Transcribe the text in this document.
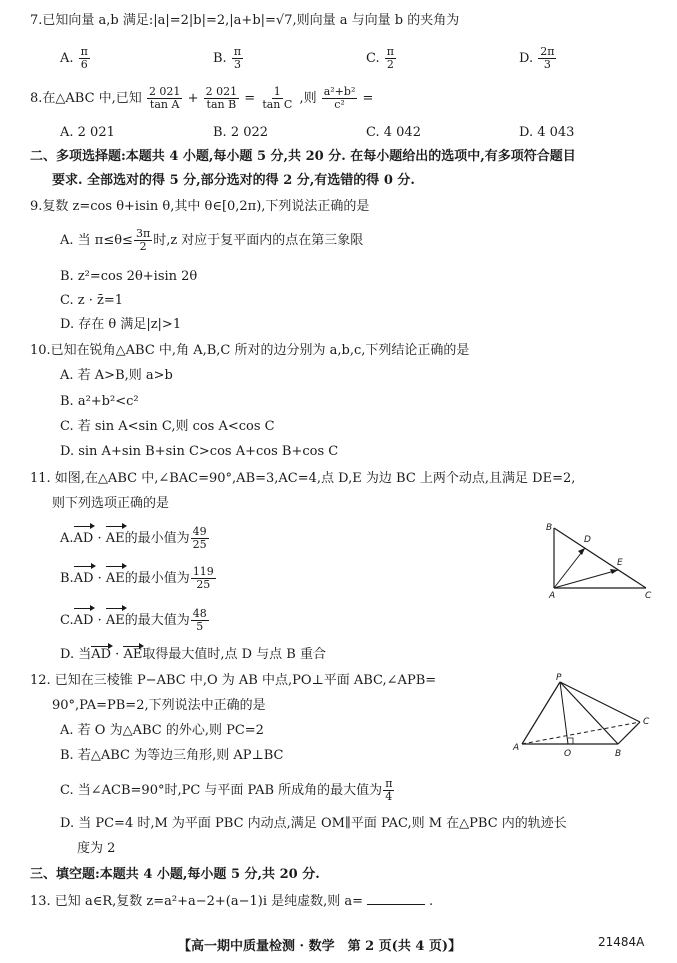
7.已知向量 a,b 满足:|a|=2|b|=2,|a+b|=√7,则向量 a 与向量 b 的夹角为
A. $\frac{\pi}{6}$	B. $\frac{\pi}{3}$	C. $\frac{\pi}{2}$	D. $\frac{2\pi}{3}$
8.在△ABC 中,已知 $\frac{2 021}{\text{tan A}} + \frac{2 021}{\text{tan B}} = \frac{1}{\text{tan C}}$ ,则 $\frac{\text{a²+b²}}{\text{c²}}$ =
A. 2 021	B. 2 022	C. 4 042	D. 4 043
二、多项选择题:本题共 4 小题,每小题 5 分,共 20 分. 在每小题给出的选项中,有多项符合题目
要求. 全部选对的得 5 分,部分选对的得 2 分,有选错的得 0 分.
9.复数 z=cos θ+isin θ,其中 θ∈[0,2π),下列说法正确的是
A. 当 $\pi\le\theta\le \frac{3\pi}{2}$ 时,z 对应于复平面内的点在第三象限
B. z²=cos 2θ+isin 2θ
C. z · z̄=1
D. 存在 θ 满足|z|>1
10.已知在锐角△ABC 中,角 A,B,C 所对的边分别为 a,b,c,下列结论正确的是
A. 若 A>B,则 a>b
B. a²+b²<c²
C. 若 sin A<sin C,则 cos A<cos C
D. sin A+sin B+sin C>cos A+cos B+cos C
11. 如图,在△ABC 中,∠BAC=90°,AB=3,AC=4,点 D,E 为边 BC 上两个动点,且满足 DE=2,
则下列选项正确的是
A.AD · AE的最小值为 $\frac{49}{25}$
B.AD · AE的最小值为 $\frac{119}{25}$
C.AD · AE的最大值为 $\frac{48}{5}$
D. 当AD · AE取得最大值时,点 D 与点 B 重合
B
D
E
A	C
12. 已知在三棱锥 P−ABC 中,O 为 AB 中点,PO⊥平面 ABC,∠APB=
90°,PA=PB=2,下列说法中正确的是
A. 若 O 为△ABC 的外心,则 PC=2
B. 若△ABC 为等边三角形,则 AP⊥BC
C. 当∠ACB=90°时,PC 与平面 PAB 所成角的最大值为 $\frac{\pi}{4}$
D. 当 PC=4 时,M 为平面 PBC 内动点,满足 OM∥平面 PAC,则 M 在△PBC 内的轨迹长
度为 2
P
A
O	B
C
三、填空题:本题共 4 小题,每小题 5 分,共 20 分.
13. 已知 a∈R,复数 z=a²+a−2+(a−1)i 是纯虚数,则 a=	.
【高一期中质量检测 · 数学　第 2 页(共 4 页)】	21484A
